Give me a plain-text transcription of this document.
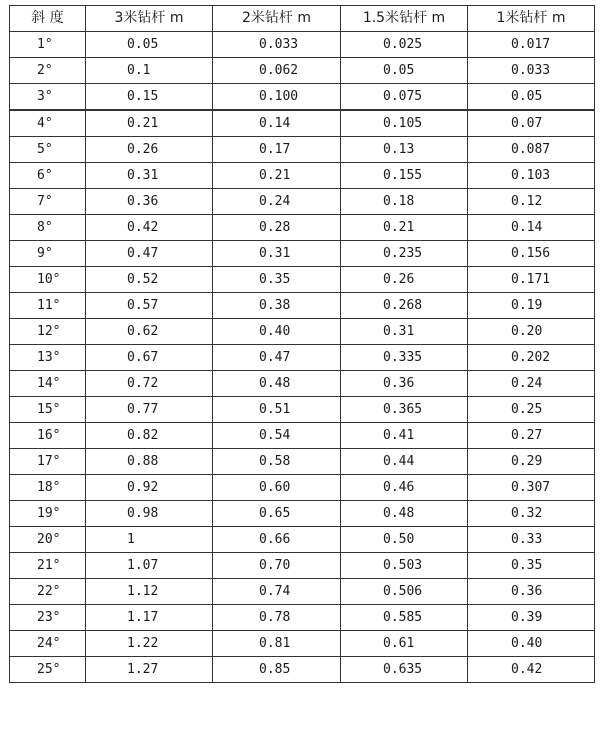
斜 度	3米钻杆 m	2米钻杆 m	1.5米钻杆 m	1米钻杆 m
1°	0.05	0.033	0.025	0.017
2°	0.1	0.062	0.05	0.033
3°	0.15	0.100	0.075	0.05
4°	0.21	0.14	0.105	0.07
5°	0.26	0.17	0.13	0.087
6°	0.31	0.21	0.155	0.103
7°	0.36	0.24	0.18	0.12
8°	0.42	0.28	0.21	0.14
9°	0.47	0.31	0.235	0.156
10°	0.52	0.35	0.26	0.171
11°	0.57	0.38	0.268	0.19
12°	0.62	0.40	0.31	0.20
13°	0.67	0.47	0.335	0.202
14°	0.72	0.48	0.36	0.24
15°	0.77	0.51	0.365	0.25
16°	0.82	0.54	0.41	0.27
17°	0.88	0.58	0.44	0.29
18°	0.92	0.60	0.46	0.307
19°	0.98	0.65	0.48	0.32
20°	1	0.66	0.50	0.33
21°	1.07	0.70	0.503	0.35
22°	1.12	0.74	0.506	0.36
23°	1.17	0.78	0.585	0.39
24°	1.22	0.81	0.61	0.40
25°	1.27	0.85	0.635	0.42
